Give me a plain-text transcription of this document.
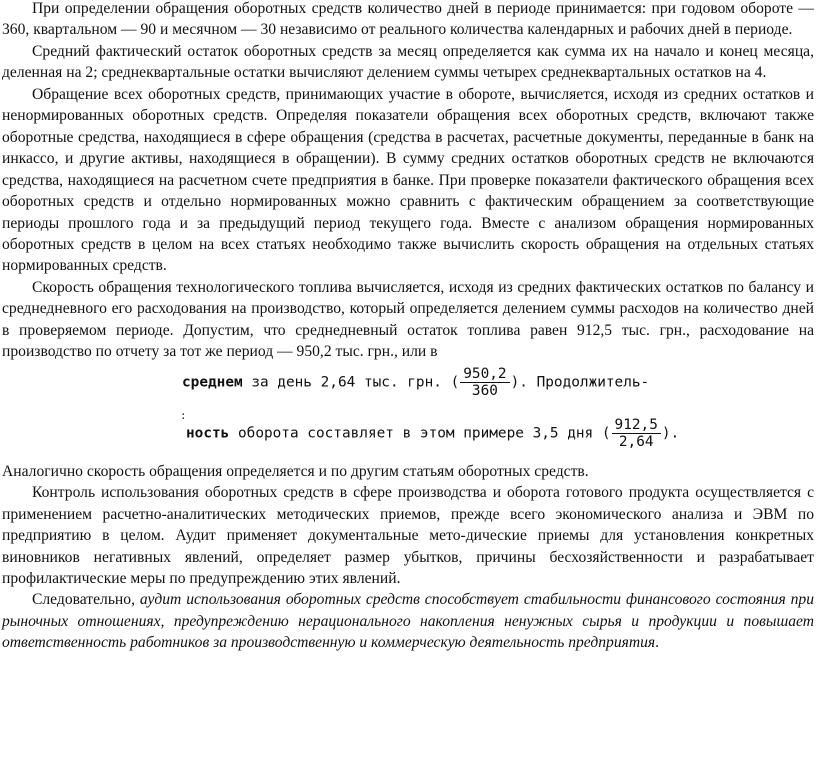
При определении обращения оборотных средств количество дней в периоде принимается: при годовом обороте — 360, квартальном — 90 и месячном — 30 независимо от реального количества календарных и рабочих дней в периоде.

Средний фактический остаток оборотных средств за месяц определяется как сумма их на начало и конец месяца, деленная на 2; среднеквартальные остатки вычисляют делением суммы четырех среднеквартальных остатков на 4.

Обращение всех оборотных средств, принимающих участие в обороте, вычисляется, исходя из средних остатков и ненормированных оборотных средств. Определяя показатели обращения всех оборотных средств, включают также оборотные средства, находящиеся в сфере обращения (средства в расчетах, расчетные документы, переданные в банк на инкассо, и другие активы, находящиеся в обращении). В сумму средних остатков оборотных средств не включаются средства, находящиеся на расчетном счете предприятия в банке. При проверке показатели фактического обращения всех оборотных средств и отдельно нормированных можно сравнить с фактическим обращением за соответствующие периоды прошлого года и за предыдущий период текущего года. Вместе с анализом обращения нормированных оборотных средств в целом на всех статьях необходимо также вычислить скорость обращения на отдельных статьях нормированных средств.

Скорость обращения технологического топлива вычисляется, исходя из средних фактических остатков по балансу и среднедневного его расходования на производство, который определяется делением суммы расходов на количество дней в проверяемом периоде. Допустим, что среднедневный остаток топлива равен 912,5 тыс. грн., расходование на производство по отчету за тот же период — 950,2 тыс. грн., или в

среднем за день 2,64 тыс. грн. ( $\frac{950,2}{360}$ ). Продолжитель-
:
ность оборота составляет в этом примере 3,5 дня ( $\frac{912,5}{2,64}$ ).

Аналогично скорость обращения определяется и по другим статьям оборотных средств.

Контроль использования оборотных средств в сфере производства и оборота готового продукта осуществляется с применением расчетно-аналитических методических приемов, прежде всего экономического анализа и ЭВМ по предприятию в целом. Аудит применяет документальные мето-дические приемы для установления конкретных виновников негативных явлений, определяет размер убытков, причины бесхозяйственности и разрабатывает профилактические меры по предупреждению этих явлений.

Следовательно, аудит использования оборотных средств способствует стабильности финансового состояния при рыночных отношениях, предупреждению нерационального накопления ненужных сырья и продукции и повышает ответственность работников за производственную и коммерческую деятельность предприятия.
